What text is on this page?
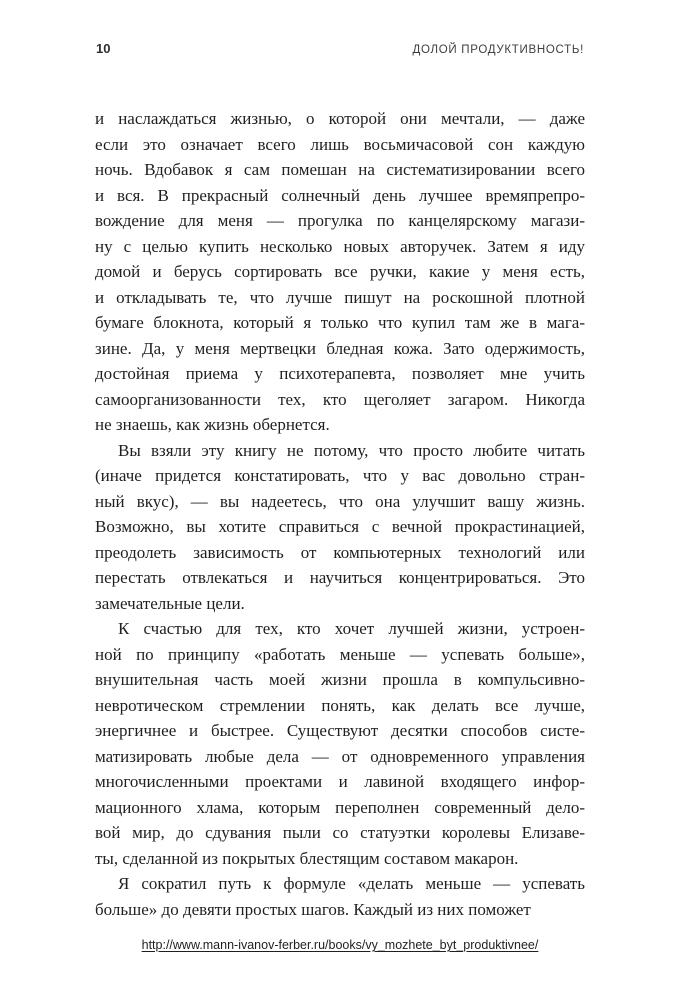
10	ДОЛОЙ ПРОДУКТИВНОСТЬ!
и наслаждаться жизнью, о которой они мечтали, — даже
если это означает всего лишь восьмичасовой сон каждую
ночь. Вдобавок я сам помешан на систематизировании всего
и вся. В прекрасный солнечный день лучшее времяпрепро-
вождение для меня — прогулка по канцелярскому магази-
ну с целью купить несколько новых авторучек. Затем я иду
домой и берусь сортировать все ручки, какие у меня есть,
и откладывать те, что лучше пишут на роскошной плотной
бумаге блокнота, который я только что купил там же в мага-
зине. Да, у меня мертвецки бледная кожа. Зато одержимость,
достойная приема у психотерапевта, позволяет мне учить
самоорганизованности тех, кто щеголяет загаром. Никогда
не знаешь, как жизнь обернется.
Вы взяли эту книгу не потому, что просто любите читать
(иначе придется констатировать, что у вас довольно стран-
ный вкус), — вы надеетесь, что она улучшит вашу жизнь.
Возможно, вы хотите справиться с вечной прокрастинацией,
преодолеть зависимость от компьютерных технологий или
перестать отвлекаться и научиться концентрироваться. Это
замечательные цели.
К счастью для тех, кто хочет лучшей жизни, устроен-
ной по принципу «работать меньше — успевать больше»,
внушительная часть моей жизни прошла в компульсивно-
невротическом стремлении понять, как делать все лучше,
энергичнее и быстрее. Существуют десятки способов систе-
матизировать любые дела — от одновременного управления
многочисленными проектами и лавиной входящего инфор-
мационного хлама, которым переполнен современный дело-
вой мир, до сдувания пыли со статуэтки королевы Елизаве-
ты, сделанной из покрытых блестящим составом макарон.
Я сократил путь к формуле «делать меньше — успевать
больше» до девяти простых шагов. Каждый из них поможет
http://www.mann-ivanov-ferber.ru/books/vy_mozhete_byt_produktivnee/
